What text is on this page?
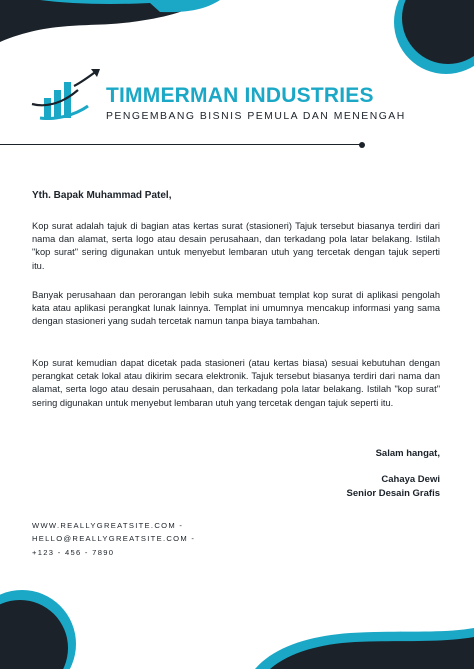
TIMMERMAN INDUSTRIES
PENGEMBANG BISNIS PEMULA DAN MENENGAH

Yth. Bapak Muhammad Patel,

Kop surat adalah tajuk di bagian atas kertas surat (stasioneri) Tajuk tersebut biasanya terdiri dari nama dan alamat, serta logo atau desain perusahaan, dan terkadang pola latar belakang. Istilah "kop surat" sering digunakan untuk menyebut lembaran utuh yang tercetak dengan tajuk seperti itu.

Banyak perusahaan dan perorangan lebih suka membuat templat kop surat di aplikasi pengolah kata atau aplikasi perangkat lunak lainnya. Templat ini umumnya mencakup informasi yang sama dengan stasioneri yang sudah tercetak namun tanpa biaya tambahan.

Kop surat kemudian dapat dicetak pada stasioneri (atau kertas biasa) sesuai kebutuhan dengan perangkat cetak lokal atau dikirim secara elektronik. Tajuk tersebut biasanya terdiri dari nama dan alamat, serta logo atau desain perusahaan, dan terkadang pola latar belakang. Istilah "kop surat" sering digunakan untuk menyebut lembaran utuh yang tercetak dengan tajuk seperti itu.

Salam hangat,
Cahaya Dewi
Senior Desain Grafis
WWW.REALLYGREATSITE.COM -
HELLO@REALLYGREATSITE.COM -
+123 - 456 - 7890
